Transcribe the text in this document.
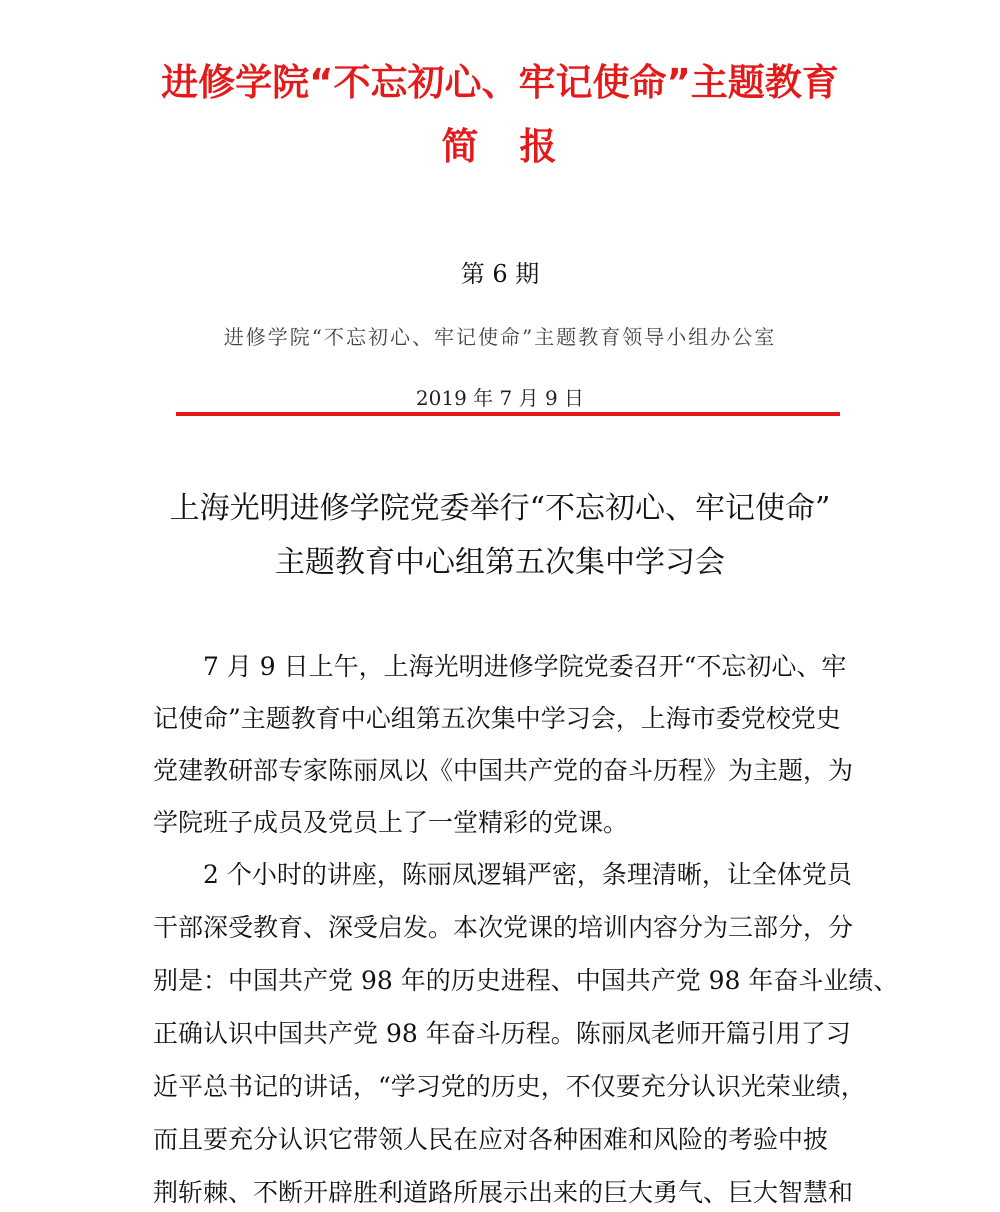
进修学院“不忘初心、牢记使命”主题教育
简　报
第 6 期
进修学院“不忘初心、牢记使命”主题教育领导小组办公室
2019 年 7 月 9 日
上海光明进修学院党委举行“不忘初心、牢记使命”
主题教育中心组第五次集中学习会
7 月 9 日上午，上海光明进修学院党委召开“不忘初心、牢
记使命”主题教育中心组第五次集中学习会，上海市委党校党史
党建教研部专家陈丽凤以《中国共产党的奋斗历程》为主题，为
学院班子成员及党员上了一堂精彩的党课。
2 个小时的讲座，陈丽凤逻辑严密，条理清晰，让全体党员
干部深受教育、深受启发。本次党课的培训内容分为三部分，分
别是：中国共产党 98 年的历史进程、中国共产党 98 年奋斗业绩、
正确认识中国共产党 98 年奋斗历程。陈丽凤老师开篇引用了习
近平总书记的讲话，“学习党的历史，不仅要充分认识光荣业绩，
而且要充分认识它带领人民在应对各种困难和风险的考验中披
荆斩棘、不断开辟胜利道路所展示出来的巨大勇气、巨大智慧和
